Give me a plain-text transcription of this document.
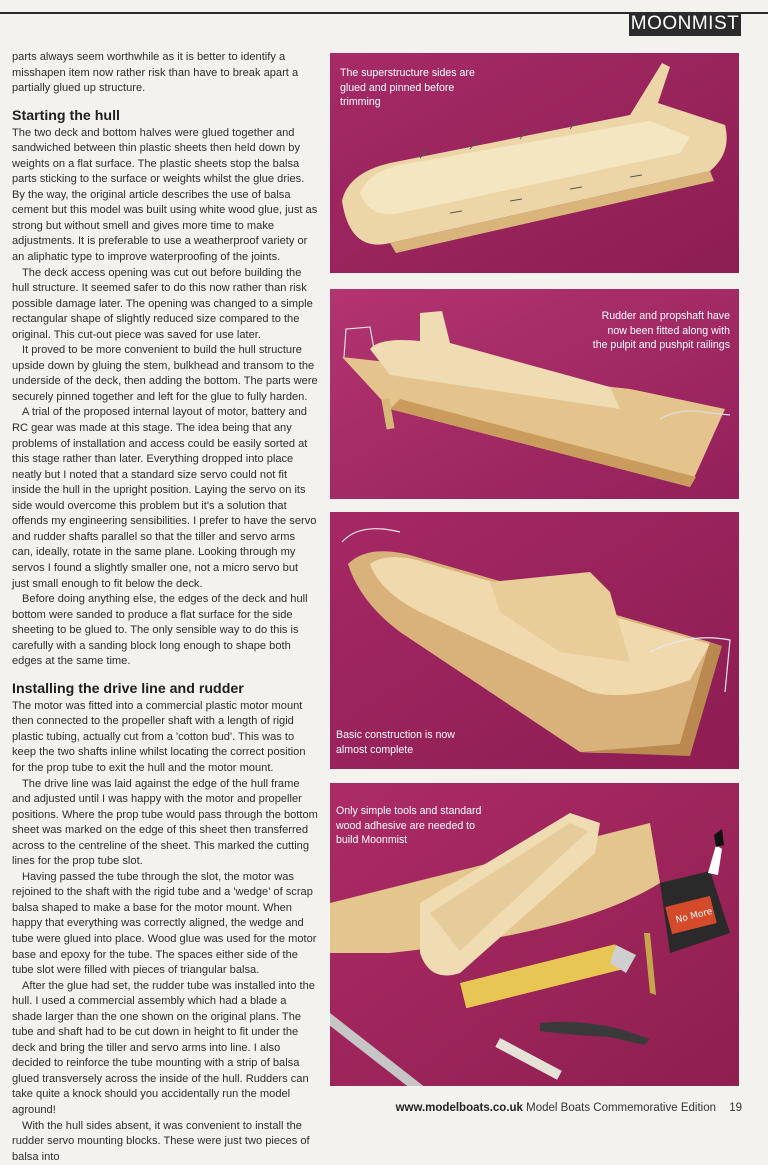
MOONMIST

parts always seem worthwhile as it is better to identify a misshapen item now rather risk than have to break apart a partially glued up structure.

Starting the hull

The two deck and bottom halves were glued together and sandwiched between thin plastic sheets then held down by weights on a flat surface. The plastic sheets stop the balsa parts sticking to the surface or weights whilst the glue dries. By the way, the original article describes the use of balsa cement but this model was built using white wood glue, just as strong but without smell and gives more time to make adjustments. It is preferable to use a weatherproof variety or an aliphatic type to improve waterproofing of the joints.

The deck access opening was cut out before building the hull structure. It seemed safer to do this now rather than risk possible damage later. The opening was changed to a simple rectangular shape of slightly reduced size compared to the original. This cut-out piece was saved for use later.

It proved to be more convenient to build the hull structure upside down by gluing the stem, bulkhead and transom to the underside of the deck, then adding the bottom. The parts were securely pinned together and left for the glue to fully harden.

A trial of the proposed internal layout of motor, battery and RC gear was made at this stage. The idea being that any problems of installation and access could be easily sorted at this stage rather than later. Everything dropped into place neatly but I noted that a standard size servo could not fit inside the hull in the upright position. Laying the servo on its side would overcome this problem but it's a solution that offends my engineering sensibilities. I prefer to have the servo and rudder shafts parallel so that the tiller and servo arms can, ideally, rotate in the same plane. Looking through my servos I found a slightly smaller one, not a micro servo but just small enough to fit below the deck.

Before doing anything else, the edges of the deck and hull bottom were sanded to produce a flat surface for the side sheeting to be glued to. The only sensible way to do this is carefully with a sanding block long enough to shape both edges at the same time.

Installing the drive line and rudder

The motor was fitted into a commercial plastic motor mount then connected to the propeller shaft with a length of rigid plastic tubing, actually cut from a 'cotton bud'. This was to keep the two shafts inline whilst locating the correct position for the prop tube to exit the hull and the motor mount.

The drive line was laid against the edge of the hull frame and adjusted until I was happy with the motor and propeller positions. Where the prop tube would pass through the bottom sheet was marked on the edge of this sheet then transferred across to the centreline of the sheet. This marked the cutting lines for the prop tube slot.

Having passed the tube through the slot, the motor was rejoined to the shaft with the rigid tube and a 'wedge' of scrap balsa shaped to make a base for the motor mount. When happy that everything was correctly aligned, the wedge and tube were glued into place. Wood glue was used for the motor base and epoxy for the tube. The spaces either side of the tube slot were filled with pieces of triangular balsa.

After the glue had set, the rudder tube was installed into the hull. I used a commercial assembly which had a blade a shade larger than the one shown on the original plans. The tube and shaft had to be cut down in height to fit under the deck and bring the tiller and servo arms into line. I also decided to reinforce the tube mounting with a strip of balsa glued transversely across the inside of the hull. Rudders can take quite a knock should you accidentally run the model aground!

With the hull sides absent, it was convenient to install the rudder servo mounting blocks. These were just two pieces of balsa into

The superstructure sides are glued and pinned before trimming
Rudder and propshaft have now been fitted along with the pulpit and pushpit railings
Basic construction is now almost complete
No More
Only simple tools and standard wood adhesive are needed to build Moonmist
www.modelboats.co.uk Model Boats Commemorative Edition 19
